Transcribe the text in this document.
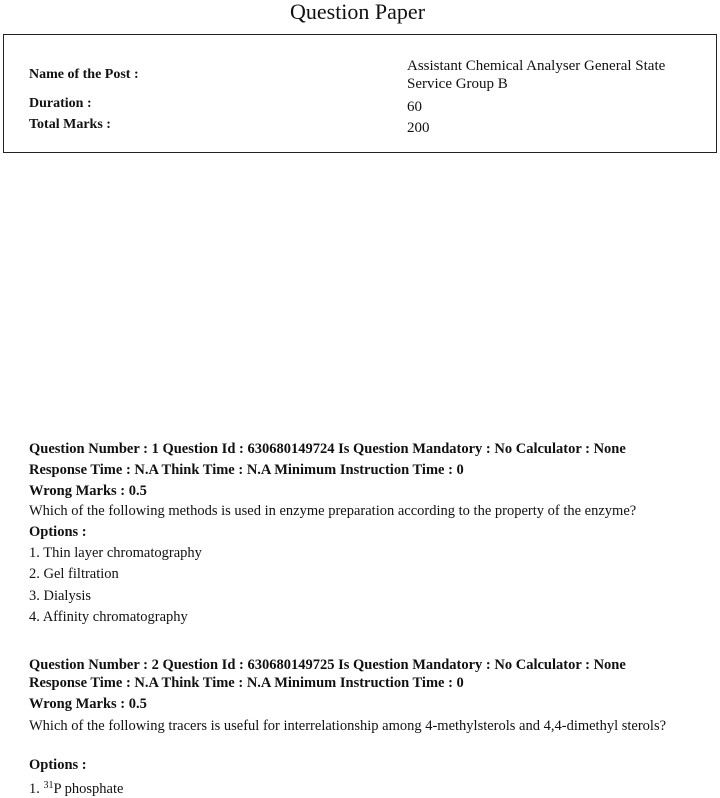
Question Paper
Name of the Post :
Assistant Chemical Analyser General State Service Group B
Duration :	60
Total Marks :	200
Question Number : 1 Question Id : 630680149724 Is Question Mandatory : No Calculator : None
Response Time : N.A Think Time : N.A Minimum Instruction Time : 0
Wrong Marks : 0.5
Which of the following methods is used in enzyme preparation according to the property of the enzyme?
Options :
1. Thin layer chromatography
2. Gel filtration
3. Dialysis
4. Affinity chromatography
Question Number : 2 Question Id : 630680149725 Is Question Mandatory : No Calculator : None
Response Time : N.A Think Time : N.A Minimum Instruction Time : 0
Wrong Marks : 0.5
Which of the following tracers is useful for interrelationship among 4-methylsterols and 4,4-dimethyl sterols?
Options :
1. $^{31}$P phosphate
